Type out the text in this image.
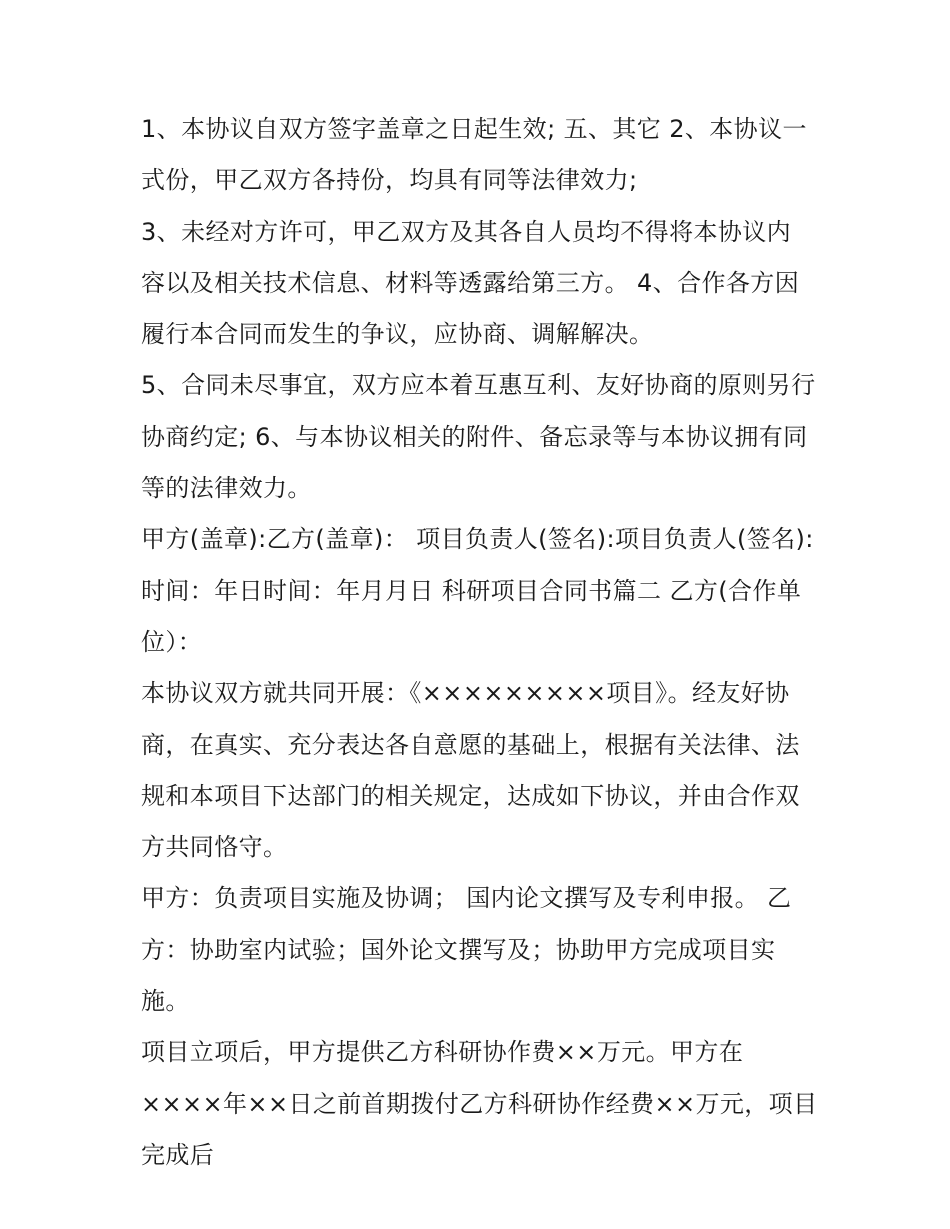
1、本协议自双方签字盖章之日起生效; 五、其它 2、本协议一式份，甲乙双方各持份，均具有同等法律效力;

3、未经对方许可，甲乙双方及其各自人员均不得将本协议内容以及相关技术信息、材料等透露给第三方。 4、合作各方因履行本合同而发生的争议，应协商、调解解决。

5、合同未尽事宜，双方应本着互惠互利、友好协商的原则另行协商约定; 6、与本协议相关的附件、备忘录等与本协议拥有同等的法律效力。

甲方(盖章):乙方(盖章)： 项目负责人(签名):项目负责人(签名): 时间：年日时间：年月月日 科研项目合同书篇二 乙方(合作单位）：

本协议双方就共同开展：《×××××××××项目》。经友好协商，在真实、充分表达各自意愿的基础上，根据有关法律、法规和本项目下达部门的相关规定，达成如下协议，并由合作双方共同恪守。

甲方：负责项目实施及协调； 国内论文撰写及专利申报。 乙方：协助室内试验；国外论文撰写及；协助甲方完成项目实施。

项目立项后，甲方提供乙方科研协作费××万元。甲方在××××年××日之前首期拨付乙方科研协作经费××万元，项目完成后
